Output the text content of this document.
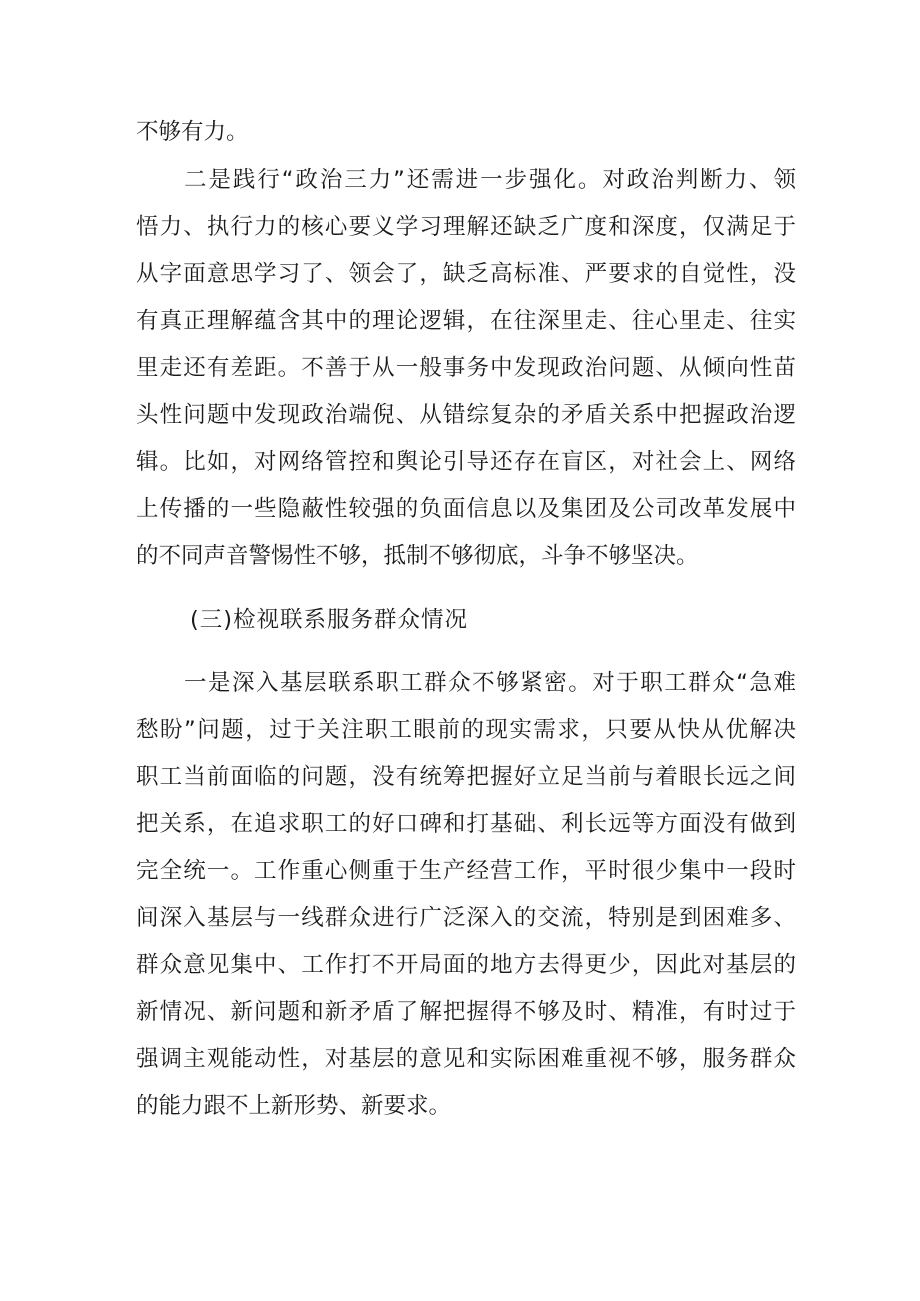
不够有力。
二是践行“政治三力”还需进一步强化。对政治判断力、领
悟力、执行力的核心要义学习理解还缺乏广度和深度，仅满足于
从字面意思学习了、领会了，缺乏高标准、严要求的自觉性，没
有真正理解蕴含其中的理论逻辑，在往深里走、往心里走、往实
里走还有差距。不善于从一般事务中发现政治问题、从倾向性苗
头性问题中发现政治端倪、从错综复杂的矛盾关系中把握政治逻
辑。比如，对网络管控和舆论引导还存在盲区，对社会上、网络
上传播的一些隐蔽性较强的负面信息以及集团及公司改革发展中
的不同声音警惕性不够，抵制不够彻底，斗争不够坚决。
(三)检视联系服务群众情况
一是深入基层联系职工群众不够紧密。对于职工群众“急难
愁盼”问题，过于关注职工眼前的现实需求，只要从快从优解决
职工当前面临的问题，没有统筹把握好立足当前与着眼长远之间
把关系，在追求职工的好口碑和打基础、利长远等方面没有做到
完全统一。工作重心侧重于生产经营工作，平时很少集中一段时
间深入基层与一线群众进行广泛深入的交流，特别是到困难多、
群众意见集中、工作打不开局面的地方去得更少，因此对基层的
新情况、新问题和新矛盾了解把握得不够及时、精准，有时过于
强调主观能动性，对基层的意见和实际困难重视不够，服务群众
的能力跟不上新形势、新要求。
